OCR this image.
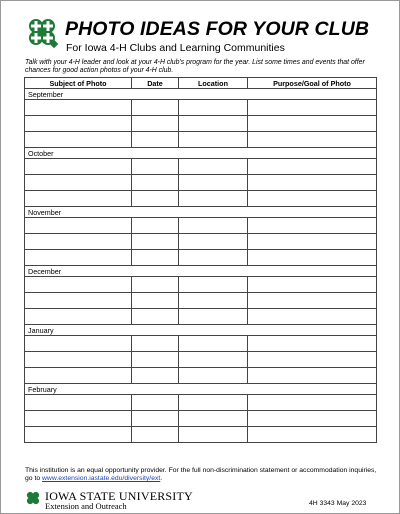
PHOTO IDEAS FOR YOUR CLUB
For Iowa 4-H Clubs and Learning Communities
Talk with your 4-H leader and look at your 4-H club's program for the year. List some times and events that offer chances for good action photos of your 4-H club.
Subject of Photo	Date	Location	Purpose/Goal of Photo
September			

October			

November			

December			

January			

February			

This institution is an equal opportunity provider. For the full non-discrimination statement or accommodation inquiries, go to www.extension.iastate.edu/diversity/ext.
IOWA STATE UNIVERSITY
Extension and Outreach	4H 3343 May 2023
